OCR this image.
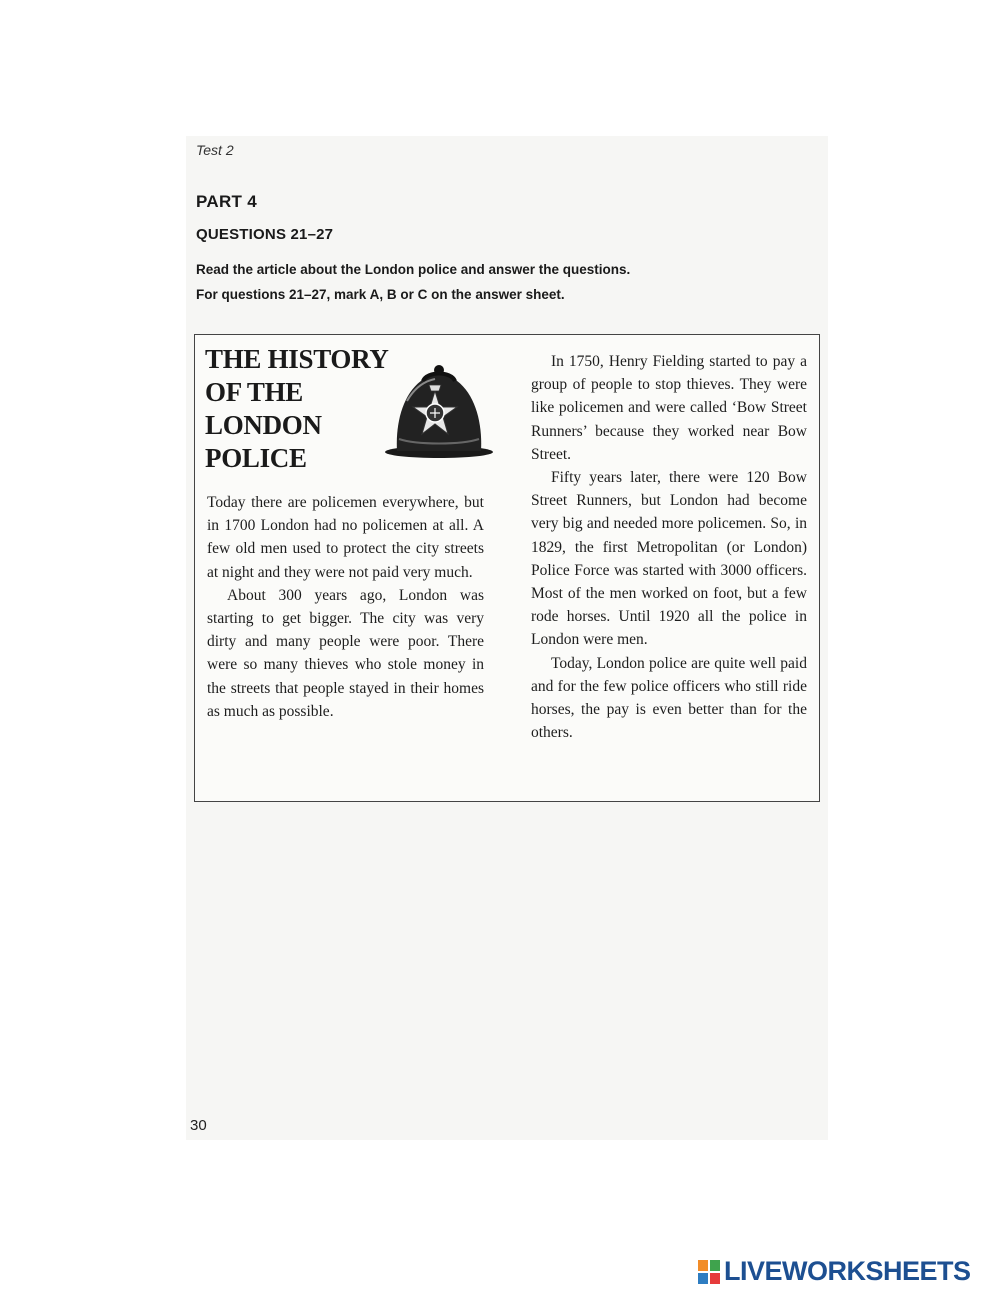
Test 2
PART 4
QUESTIONS 21–27
Read the article about the London police and answer the questions.
For questions 21–27, mark A, B or C on the answer sheet.
THE HISTORY
OF THE
LONDON
POLICE

Today there are policemen everywhere, but in 1700 London had no policemen at all. A few old men used to protect the city streets at night and they were not paid very much.

About 300 years ago, London was starting to get bigger. The city was very dirty and many people were poor. There were so many thieves who stole money in the streets that people stayed in their homes as much as possible.

In 1750, Henry Fielding started to pay a group of people to stop thieves. They were like policemen and were called ‘Bow Street Runners’ because they worked near Bow Street.

Fifty years later, there were 120 Bow Street Runners, but London had become very big and needed more policemen. So, in 1829, the first Metropolitan (or London) Police Force was started with 3000 officers. Most of the men worked on foot, but a few rode horses. Until 1920 all the police in London were men.

Today, London police are quite well paid and for the few police officers who still ride horses, the pay is even better than for the others.

30
LIVEWORKSHEETS
